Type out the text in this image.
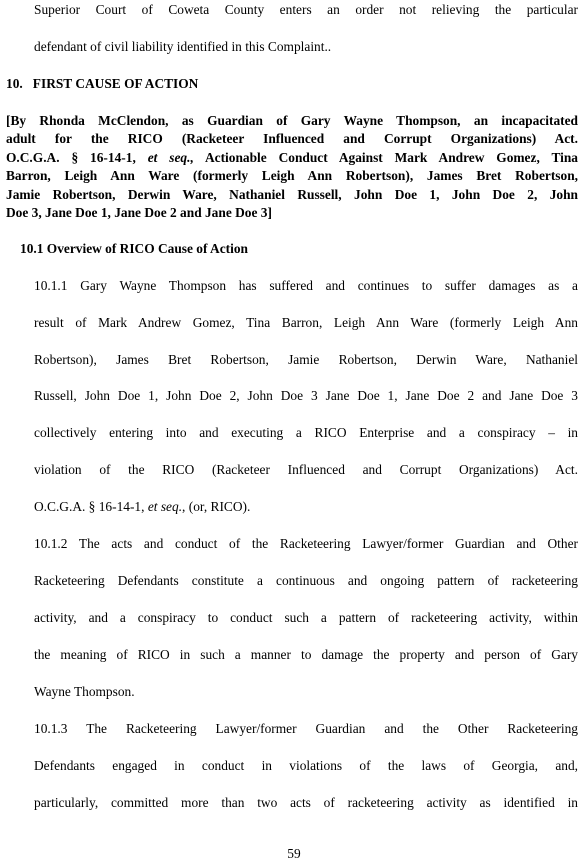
Superior Court of Coweta County enters an order not relieving the particular
defendant of civil liability identified in this Complaint..
10. FIRST CAUSE OF ACTION
[By Rhonda McClendon, as Guardian of Gary Wayne Thompson, an incapacitated
adult for the RICO (Racketeer Influenced and Corrupt Organizations) Act.
O.C.G.A. § 16-14-1, et seq., Actionable Conduct Against Mark Andrew Gomez, Tina
Barron, Leigh Ann Ware (formerly Leigh Ann Robertson), James Bret Robertson,
Jamie Robertson, Derwin Ware, Nathaniel Russell, John Doe 1, John Doe 2, John
Doe 3, Jane Doe 1, Jane Doe 2 and Jane Doe 3]
10.1 Overview of RICO Cause of Action
10.1.1 Gary Wayne Thompson has suffered and continues to suffer damages as a
result of Mark Andrew Gomez, Tina Barron, Leigh Ann Ware (formerly Leigh Ann
Robertson), James Bret Robertson, Jamie Robertson, Derwin Ware, Nathaniel
Russell, John Doe 1, John Doe 2, John Doe 3 Jane Doe 1, Jane Doe 2 and Jane Doe 3
collectively entering into and executing a RICO Enterprise and a conspiracy – in
violation of the RICO (Racketeer Influenced and Corrupt Organizations) Act.
O.C.G.A. § 16-14-1, et seq., (or, RICO).
10.1.2 The acts and conduct of the Racketeering Lawyer/former Guardian and Other
Racketeering Defendants constitute a continuous and ongoing pattern of racketeering
activity, and a conspiracy to conduct such a pattern of racketeering activity, within
the meaning of RICO in such a manner to damage the property and person of Gary
Wayne Thompson.
10.1.3 The Racketeering Lawyer/former Guardian and the Other Racketeering
Defendants engaged in conduct in violations of the laws of Georgia, and,
particularly, committed more than two acts of racketeering activity as identified in
59
